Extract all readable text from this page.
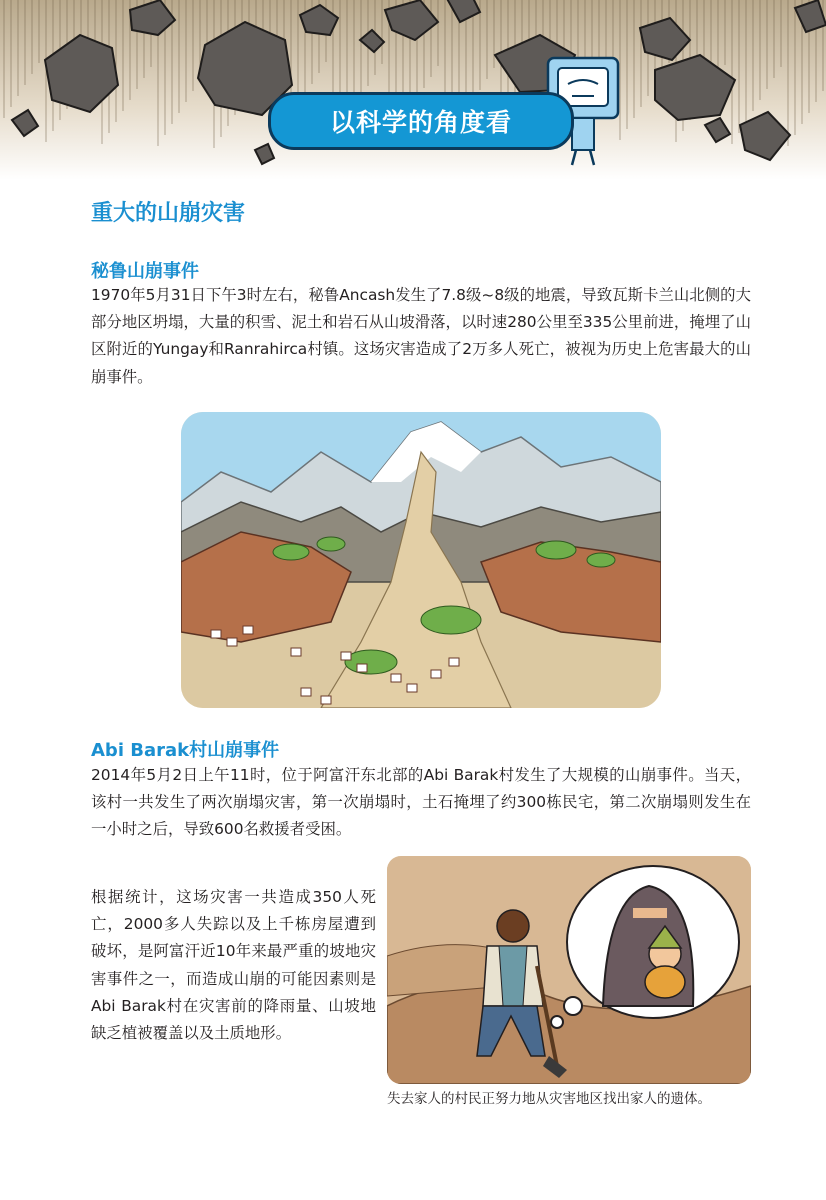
以科学的角度看
重大的山崩灾害
秘鲁山崩事件
1970年5月31日下午3时左右，秘鲁Ancash发生了7.8级~8级的地震，导致瓦斯卡兰山北侧的大部分地区坍塌，大量的积雪、泥土和岩石从山坡滑落，以时速280公里至335公里前进，掩埋了山区附近的Yungay和Ranrahirca村镇。这场灾害造成了2万多人死亡，被视为历史上危害最大的山崩事件。
Abi Barak村山崩事件
2014年5月2日上午11时，位于阿富汗东北部的Abi Barak村发生了大规模的山崩事件。当天，该村一共发生了两次崩塌灾害，第一次崩塌时，土石掩埋了约300栋民宅，第二次崩塌则发生在一小时之后，导致600名救援者受困。
根据统计，这场灾害一共造成350人死亡，2000多人失踪以及上千栋房屋遭到破坏，是阿富汗近10年来最严重的坡地灾害事件之一，而造成山崩的可能因素则是Abi Barak村在灾害前的降雨量、山坡地缺乏植被覆盖以及土质地形。
失去家人的村民正努力地从灾害地区找出家人的遗体。
